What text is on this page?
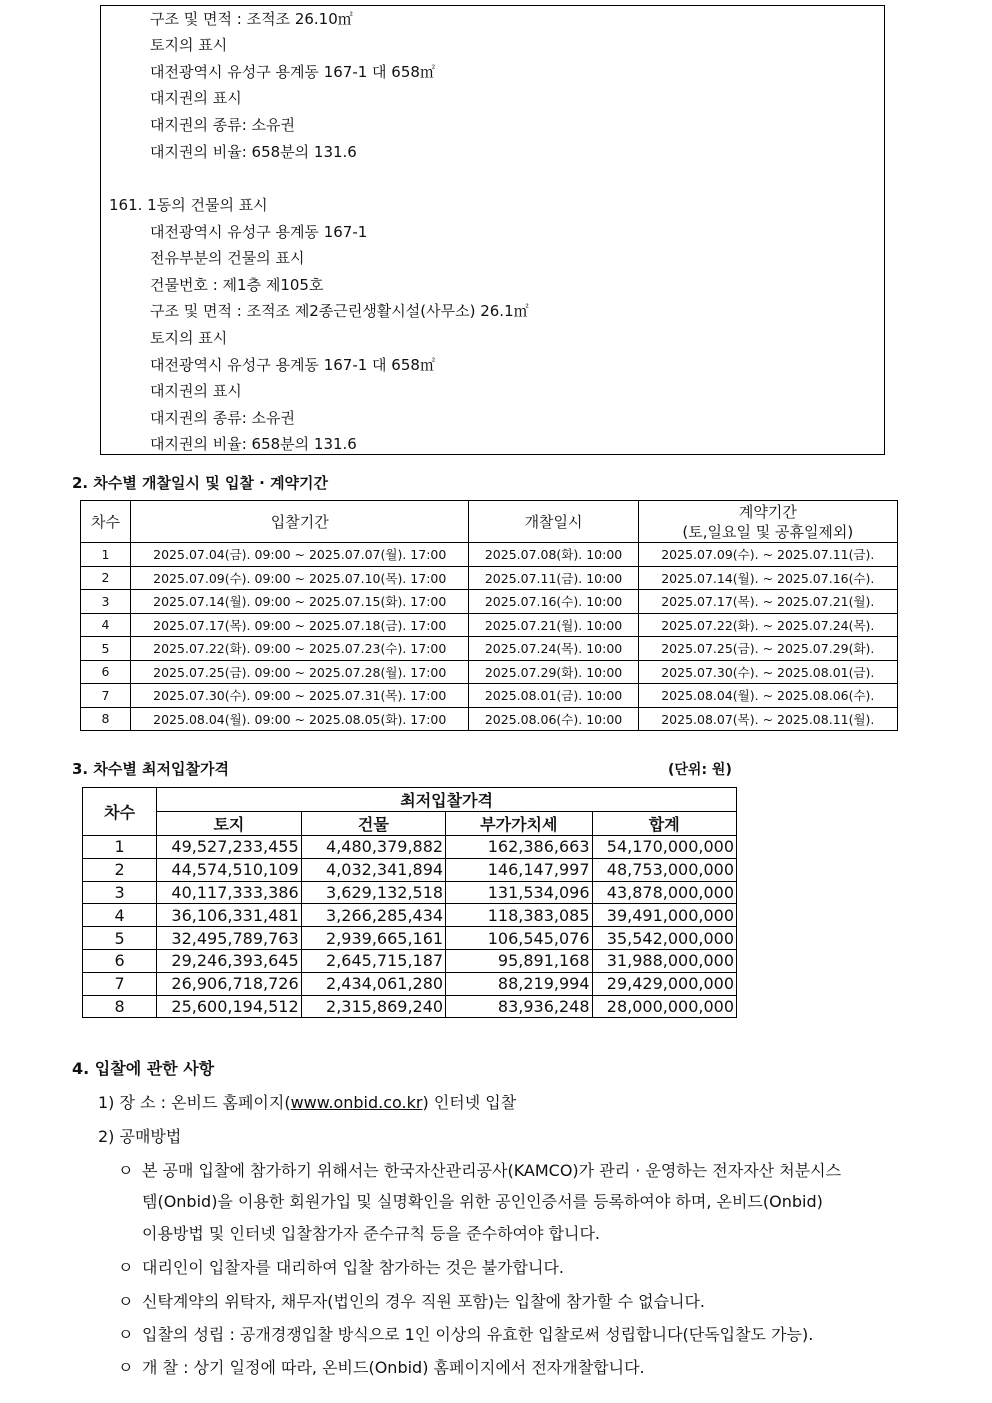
구조 및 면적 : 조적조 26.10㎡
토지의 표시
대전광역시 유성구 용계동 167-1 대 658㎡
대지권의 표시
대지권의 종류: 소유권
대지권의 비율: 658분의 131.6
161. 1동의 건물의 표시
대전광역시 유성구 용계동 167-1
전유부분의 건물의 표시
건물번호 : 제1층 제105호
구조 및 면적 : 조적조 제2종근린생활시설(사무소) 26.1㎡
토지의 표시
대전광역시 유성구 용계동 167-1 대 658㎡
대지권의 표시
대지권의 종류: 소유권
대지권의 비율: 658분의 131.6
2. 차수별 개찰일시 및 입찰 · 계약기간
차수	입찰기간	개찰일시	계약기간
(토,일요일 및 공휴일제외)

1	2025.07.04(금). 09:00 ~ 2025.07.07(월). 17:00	2025.07.08(화). 10:00	2025.07.09(수). ~ 2025.07.11(금).
2	2025.07.09(수). 09:00 ~ 2025.07.10(목). 17:00	2025.07.11(금). 10:00	2025.07.14(월). ~ 2025.07.16(수).
3	2025.07.14(월). 09:00 ~ 2025.07.15(화). 17:00	2025.07.16(수). 10:00	2025.07.17(목). ~ 2025.07.21(월).
4	2025.07.17(목). 09:00 ~ 2025.07.18(금). 17:00	2025.07.21(월). 10:00	2025.07.22(화). ~ 2025.07.24(목).
5	2025.07.22(화). 09:00 ~ 2025.07.23(수). 17:00	2025.07.24(목). 10:00	2025.07.25(금). ~ 2025.07.29(화).
6	2025.07.25(금). 09:00 ~ 2025.07.28(월). 17:00	2025.07.29(화). 10:00	2025.07.30(수). ~ 2025.08.01(금).
7	2025.07.30(수). 09:00 ~ 2025.07.31(목). 17:00	2025.08.01(금). 10:00	2025.08.04(월). ~ 2025.08.06(수).
8	2025.08.04(월). 09:00 ~ 2025.08.05(화). 17:00	2025.08.06(수). 10:00	2025.08.07(목). ~ 2025.08.11(월).
3. 차수별 최저입찰가격	(단위: 원)
차수	최저입찰가격			
	토지	건물	부가가치세	합계
1	49,527,233,455	4,480,379,882	162,386,663	54,170,000,000
2	44,574,510,109	4,032,341,894	146,147,997	48,753,000,000
3	40,117,333,386	3,629,132,518	131,534,096	43,878,000,000
4	36,106,331,481	3,266,285,434	118,383,085	39,491,000,000
5	32,495,789,763	2,939,665,161	106,545,076	35,542,000,000
6	29,246,393,645	2,645,715,187	95,891,168	31,988,000,000
7	26,906,718,726	2,434,061,280	88,219,994	29,429,000,000
8	25,600,194,512	2,315,869,240	83,936,248	28,000,000,000
4. 입찰에 관한 사항
1) 장 소 : 온비드 홈페이지(www.onbid.co.kr) 인터넷 입찰
2) 공매방법
ㅇ 본 공매 입찰에 참가하기 위해서는 한국자산관리공사(KAMCO)가 관리 · 운영하는 전자자산 처분시스
템(Onbid)을 이용한 회원가입 및 실명확인을 위한 공인인증서를 등록하여야 하며, 온비드(Onbid)
이용방법 및 인터넷 입찰참가자 준수규칙 등을 준수하여야 합니다.
ㅇ 대리인이 입찰자를 대리하여 입찰 참가하는 것은 불가합니다.
ㅇ 신탁계약의 위탁자, 채무자(법인의 경우 직원 포함)는 입찰에 참가할 수 없습니다.
ㅇ 입찰의 성립 : 공개경쟁입찰 방식으로 1인 이상의 유효한 입찰로써 성립합니다(단독입찰도 가능).
ㅇ 개 찰 : 상기 일정에 따라, 온비드(Onbid) 홈페이지에서 전자개찰합니다.
